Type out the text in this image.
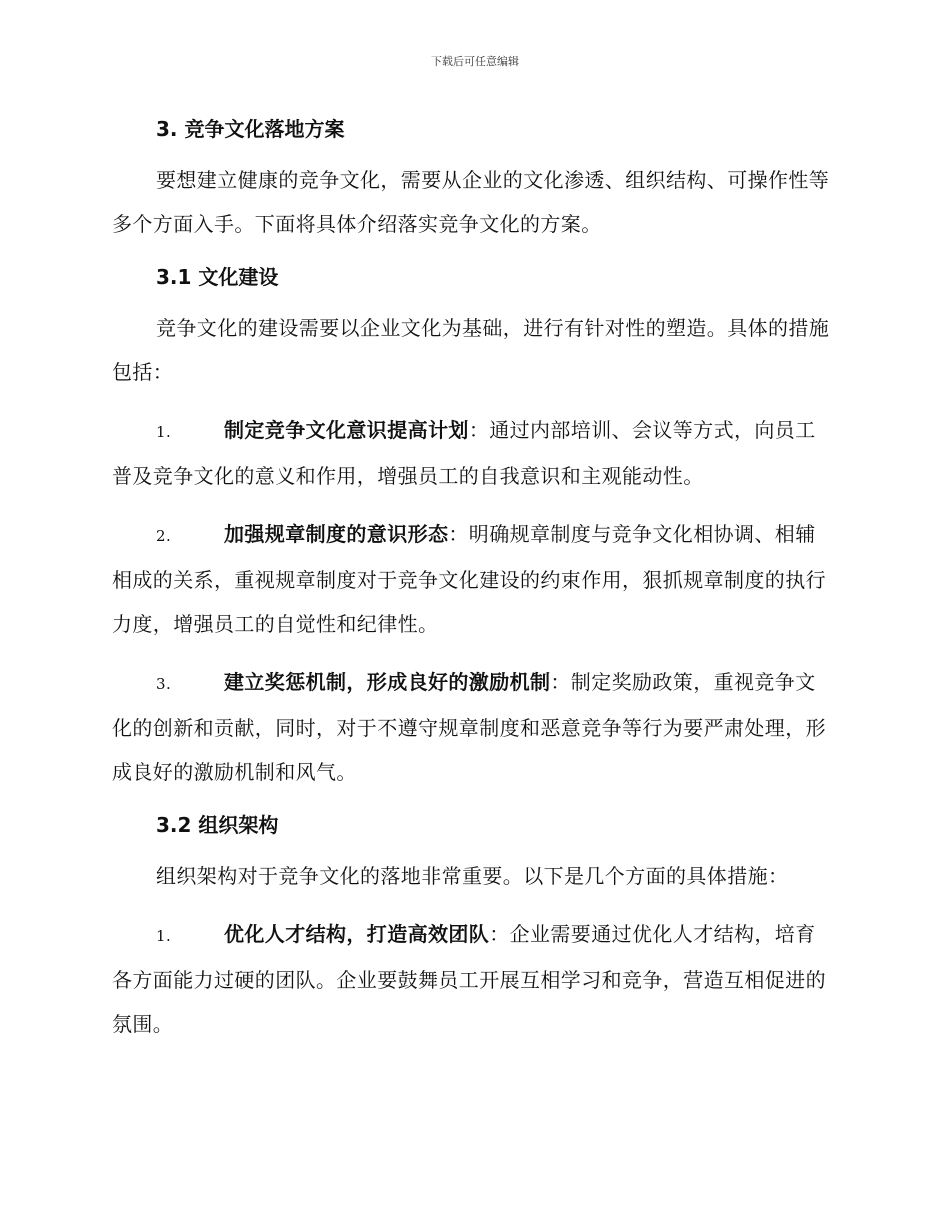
下载后可任意编辑
3. 竞争文化落地方案

要想建立健康的竞争文化，需要从企业的文化渗透、组织结构、可操作性等多个方面入手。下面将具体介绍落实竞争文化的方案。

3.1 文化建设

竞争文化的建设需要以企业文化为基础，进行有针对性的塑造。具体的措施包括：

1.	制定竞争文化意识提高计划：通过内部培训、会议等方式，向员工普及竞争文化的意义和作用，增强员工的自我意识和主观能动性。

2.	加强规章制度的意识形态：明确规章制度与竞争文化相协调、相辅相成的关系，重视规章制度对于竞争文化建设的约束作用，狠抓规章制度的执行力度，增强员工的自觉性和纪律性。

3.	建立奖惩机制，形成良好的激励机制：制定奖励政策，重视竞争文化的创新和贡献，同时，对于不遵守规章制度和恶意竞争等行为要严肃处理，形成良好的激励机制和风气。

3.2 组织架构

组织架构对于竞争文化的落地非常重要。以下是几个方面的具体措施：

1.	优化人才结构，打造高效团队：企业需要通过优化人才结构，培育各方面能力过硬的团队。企业要鼓舞员工开展互相学习和竞争，营造互相促进的氛围。
